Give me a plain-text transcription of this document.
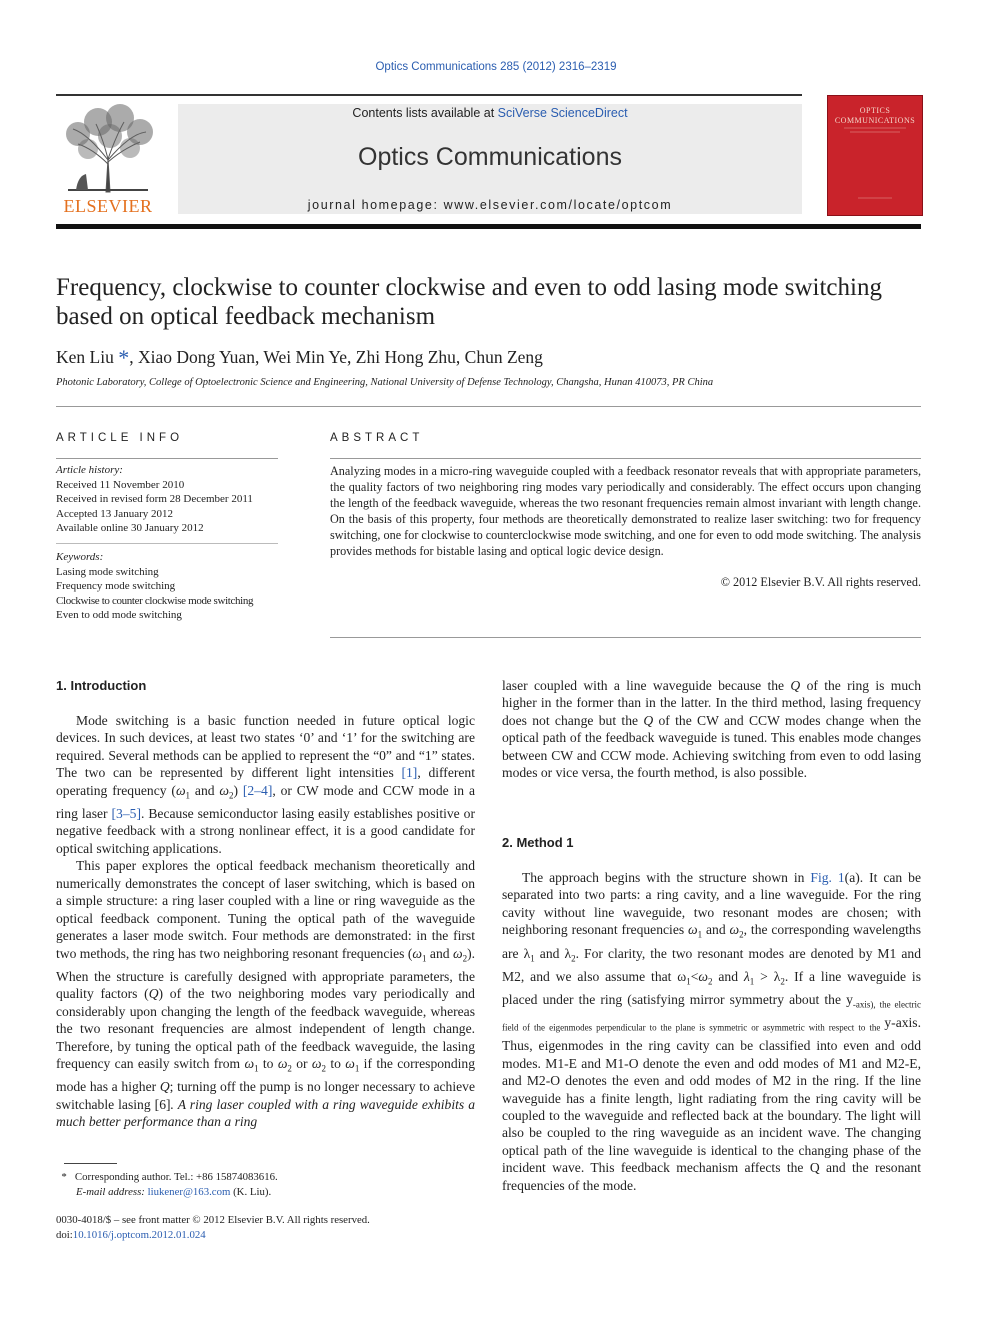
Optics Communications 285 (2012) 2316–2319
ELSEVIER
Contents lists available at SciVerse ScienceDirect
Optics Communications
journal homepage: www.elsevier.com/locate/optcom
OPTICS
COMMUNICATIONS
Frequency, clockwise to counter clockwise and even to odd lasing mode switching based on optical feedback mechanism
Ken Liu *, Xiao Dong Yuan, Wei Min Ye, Zhi Hong Zhu, Chun Zeng
Photonic Laboratory, College of Optoelectronic Science and Engineering, National University of Defense Technology, Changsha, Hunan 410073, PR China
ARTICLE INFO
Article history:
Received 11 November 2010
Received in revised form 28 December 2011
Accepted 13 January 2012
Available online 30 January 2012
Keywords:
Lasing mode switching
Frequency mode switching
Clockwise to counter clockwise mode switching
Even to odd mode switching
ABSTRACT
Analyzing modes in a micro-ring waveguide coupled with a feedback resonator reveals that with appropriate parameters, the quality factors of two neighboring ring modes vary periodically and considerably. The effect occurs upon changing the length of the feedback waveguide, whereas the two resonant frequencies remain almost invariant with length change. On the basis of this property, four methods are theoretically demonstrated to realize laser switching: two for frequency switching, one for clockwise to counterclockwise mode switching, and one for even to odd mode switching. The analysis provides methods for bistable lasing and optical logic device design.
© 2012 Elsevier B.V. All rights reserved.
1. Introduction

Mode switching is a basic function needed in future optical logic devices. In such devices, at least two states ‘0’ and ‘1’ for the switching are required. Several methods can be applied to represent the “0” and “1” states. The two can be represented by different light intensities [1], different operating frequency ($\omega_1$ and $\omega_2$) [2–4], or CW mode and CCW mode in a ring laser [3–5]. Because semiconductor lasing easily establishes positive or negative feedback with a strong nonlinear effect, it is a good candidate for optical switching applications.

This paper explores the optical feedback mechanism theoretically and numerically demonstrates the concept of laser switching, which is based on a simple structure: a ring laser coupled with a line or ring waveguide as the optical feedback component. Tuning the optical path of the waveguide generates a laser mode switch. Four methods are demonstrated: in the first two methods, the ring has two neighboring resonant frequencies ($\omega_1$ and $\omega_2$). When the structure is carefully designed with appropriate parameters, the quality factors (Q) of the two neighboring modes vary periodically and considerably upon changing the length of the feedback waveguide, whereas the two resonant frequencies are almost independent of length change. Therefore, by tuning the optical path of the feedback waveguide, the lasing frequency can easily switch from $\omega_1$ to $\omega_2$ or $\omega_2$ to $\omega_1$ if the corresponding mode has a higher Q; turning off the pump is no longer necessary to achieve switchable lasing [6]. A ring laser coupled with a ring waveguide exhibits a much better performance than a ring

laser coupled with a line waveguide because the Q of the ring is much higher in the former than in the latter. In the third method, lasing frequency does not change but the Q of the CW and CCW modes change when the optical path of the feedback waveguide is tuned. This enables mode changes between CW and CCW mode. Achieving switching from even to odd lasing modes or vice versa, the fourth method, is also possible.

2. Method 1

The approach begins with the structure shown in Fig. 1(a). It can be separated into two parts: a ring cavity, and a line waveguide. For the ring cavity without line waveguide, two resonant modes are chosen; with neighboring resonant frequencies $\omega_1$ and $\omega_2$, the corresponding wavelengths are $\lambda_1$ and $\lambda_2$. For clarity, the two resonant modes are denoted by M1 and M2, and we also assume that $\omega_1<\omega_2$ and $\lambda_1 > \lambda_2$. If a line waveguide is placed under the ring (satisfying mirror symmetry about the $y_{-axis), the electric field of the eigenmodes perpendicular to the plane is symmetric or asymmetric with respect to the}$ y-axis. Thus, eigenmodes in the ring cavity can be classified into even and odd modes. M1-E and M1-O denote the even and odd modes of M1 and M2-E, and M2-O denotes the even and odd modes of M2 in the ring. If the line waveguide has a finite length, light radiating from the ring cavity will be coupled to the waveguide and reflected back at the boundary. The light will also be coupled to the ring waveguide as an incident wave. The changing optical path of the line waveguide is identical to the changing phase of the incident wave. This feedback mechanism affects the Q and the resonant frequencies of the mode.

* Corresponding author. Tel.: +86 15874083616.
E-mail address: liukener@163.com (K. Liu).
0030-4018/$ – see front matter © 2012 Elsevier B.V. All rights reserved.
doi:10.1016/j.optcom.2012.01.024
